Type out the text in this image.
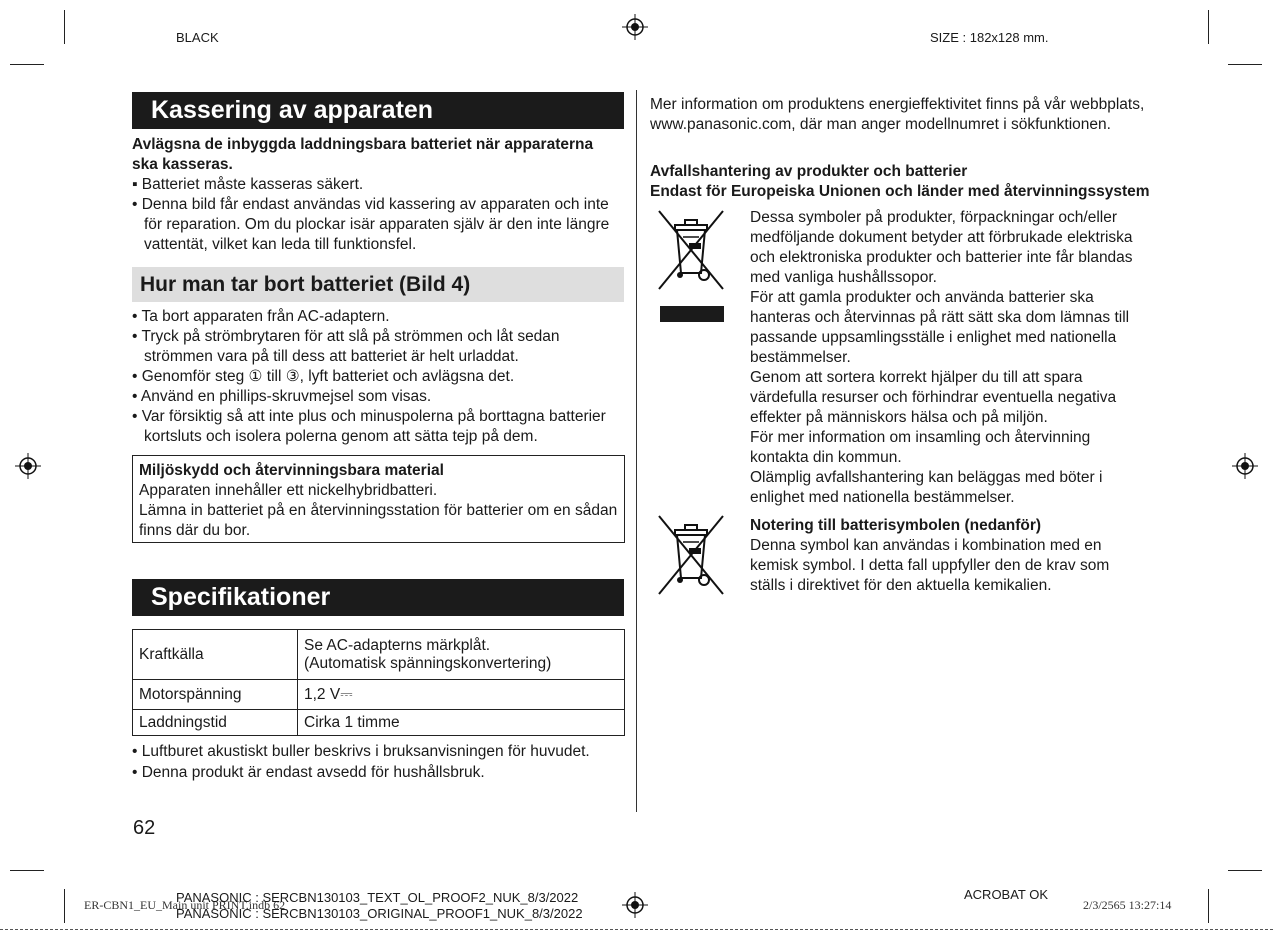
BLACK	SIZE : 182x128 mm.
Kassering av apparaten
Avlägsna de inbyggda laddningsbara batteriet när apparaterna ska kasseras.
▪ Batteriet måste kasseras säkert.
• Denna bild får endast användas vid kassering av apparaten och inte för reparation. Om du plockar isär apparaten själv är den inte längre vattentät, vilket kan leda till funktionsfel.
Hur man tar bort batteriet (Bild 4)
• Ta bort apparaten från AC-adaptern.
• Tryck på strömbrytaren för att slå på strömmen och låt sedan strömmen vara på till dess att batteriet är helt urladdat.
• Genomför steg ① till ③, lyft batteriet och avlägsna det.
• Använd en phillips-skruvmejsel som visas.
• Var försiktig så att inte plus och minuspolerna på borttagna batterier kortsluts och isolera polerna genom att sätta tejp på dem.
Miljöskydd och återvinningsbara material
Apparaten innehåller ett nickelhybridbatteri.
Lämna in batteriet på en återvinningsstation för batterier om en sådan finns där du bor.
Specifikationer
Kraftkälla	Se AC-adapterns märkplåt.
(Automatisk spänningskonvertering)

Motorspänning	1,2 V⎓
Laddningstid	Cirka 1 timme
• Luftburet akustiskt buller beskrivs i bruksanvisningen för huvudet.
• Denna produkt är endast avsedd för hushållsbruk.
62
Mer information om produktens energieffektivitet finns på vår webbplats, www.panasonic.com, där man anger modellnumret i sökfunktionen.
Avfallshantering av produkter och batterier
Endast för Europeiska Unionen och länder med återvinningssystem
Dessa symboler på produkter, förpackningar och/eller medföljande dokument betyder att förbrukade elektriska och elektroniska produkter och batterier inte får blandas med vanliga hushållssopor.
För att gamla produkter och använda batterier ska hanteras och återvinnas på rätt sätt ska dom lämnas till passande uppsamlingsställe i enlighet med nationella bestämmelser.
Genom att sortera korrekt hjälper du till att spara värdefulla resurser och förhindrar eventuella negativa effekter på människors hälsa och på miljön.
För mer information om insamling och återvinning kontakta din kommun.
Olämplig avfallshantering kan beläggas med böter i enlighet med nationella bestämmelser.
Notering till batterisymbolen (nedanför)
Denna symbol kan användas i kombination med en kemisk symbol. I detta fall uppfyller den de krav som ställs i direktivet för den aktuella kemikalien.
ER-CBN1_EU_Main unit PRINT.indb 62
PANASONIC : SERCBN130103_TEXT_OL_PROOF2_NUK_8/3/2022
PANASONIC : SERCBN130103_ORIGINAL_PROOF1_NUK_8/3/2022
ACROBAT OK
2/3/2565 13:27:14
